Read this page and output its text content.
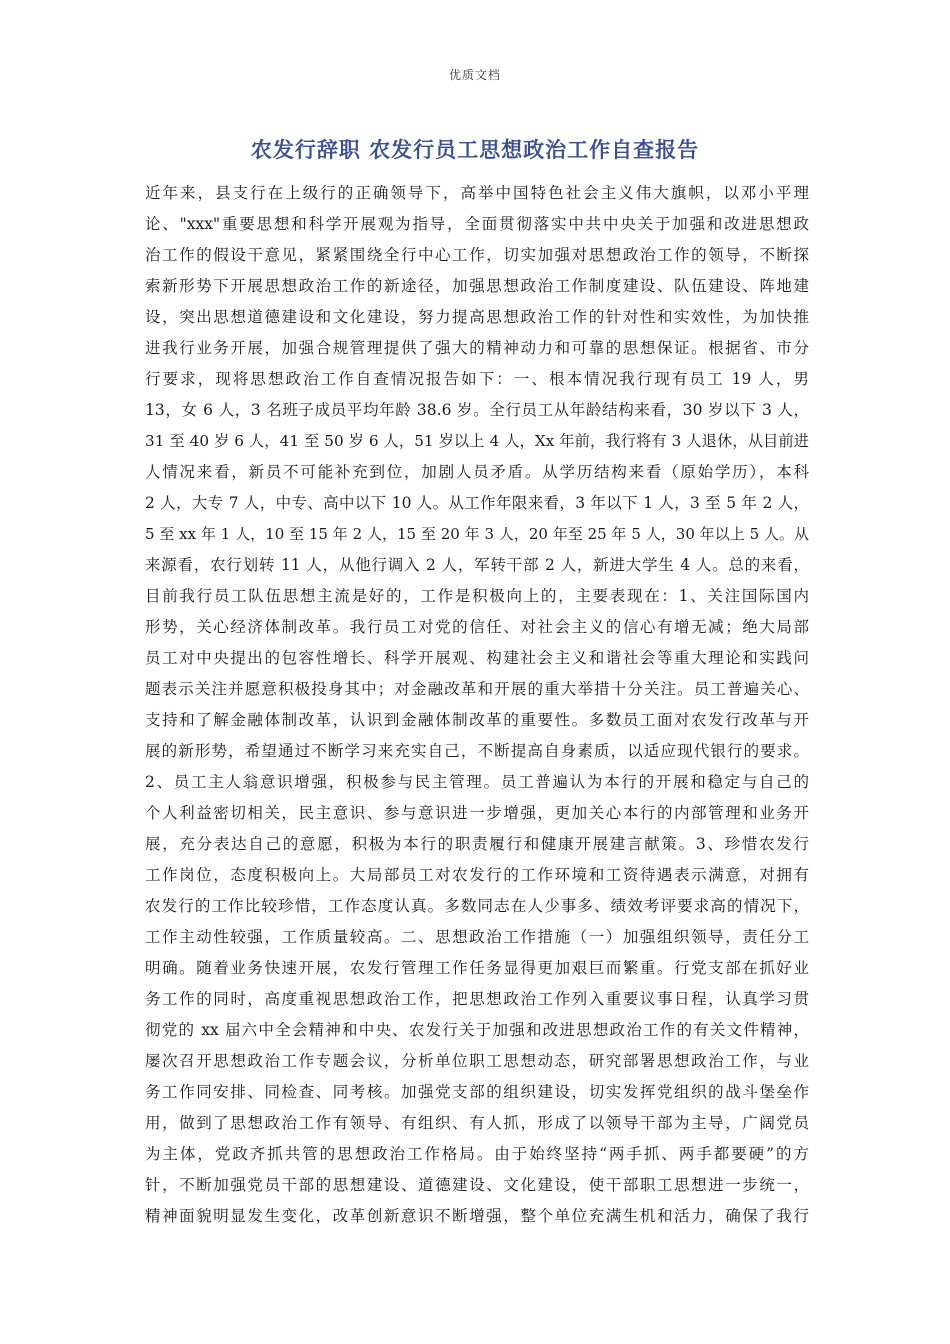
优质文档
农发行辞职 农发行员工思想政治工作自查报告
近年来，县支行在上级行的正确领导下，高举中国特色社会主义伟大旗帜，以邓小平理
论、"xxx"重要思想和科学开展观为指导，全面贯彻落实中共中央关于加强和改进思想政
治工作的假设干意见，紧紧围绕全行中心工作，切实加强对思想政治工作的领导，不断探
索新形势下开展思想政治工作的新途径，加强思想政治工作制度建设、队伍建设、阵地建
设，突出思想道德建设和文化建设，努力提高思想政治工作的针对性和实效性，为加快推
进我行业务开展，加强合规管理提供了强大的精神动力和可靠的思想保证。根据省、市分
行要求，现将思想政治工作自查情况报告如下：一、根本情况我行现有员工 19 人，男
13，女 6 人，3 名班子成员平均年龄 38.6 岁。全行员工从年龄结构来看，30 岁以下 3 人，
31 至 40 岁 6 人，41 至 50 岁 6 人，51 岁以上 4 人，Xx 年前，我行将有 3 人退休，从目前进
人情况来看，新员不可能补充到位，加剧人员矛盾。从学历结构来看（原始学历），本科
2 人，大专 7 人，中专、高中以下 10 人。从工作年限来看，3 年以下 1 人，3 至 5 年 2 人，
5 至 xx 年 1 人，10 至 15 年 2 人，15 至 20 年 3 人，20 年至 25 年 5 人，30 年以上 5 人。从
来源看，农行划转 11 人，从他行调入 2 人，军转干部 2 人，新进大学生 4 人。总的来看，
目前我行员工队伍思想主流是好的，工作是积极向上的，主要表现在：1、关注国际国内
形势，关心经济体制改革。我行员工对党的信任、对社会主义的信心有增无减；绝大局部
员工对中央提出的包容性增长、科学开展观、构建社会主义和谐社会等重大理论和实践问
题表示关注并愿意积极投身其中；对金融改革和开展的重大举措十分关注。员工普遍关心、
支持和了解金融体制改革，认识到金融体制改革的重要性。多数员工面对农发行改革与开
展的新形势，希望通过不断学习来充实自己，不断提高自身素质，以适应现代银行的要求。
2、员工主人翁意识增强，积极参与民主管理。员工普遍认为本行的开展和稳定与自己的
个人利益密切相关，民主意识、参与意识进一步增强，更加关心本行的内部管理和业务开
展，充分表达自己的意愿，积极为本行的职责履行和健康开展建言献策。3、珍惜农发行
工作岗位，态度积极向上。大局部员工对农发行的工作环境和工资待遇表示满意，对拥有
农发行的工作比较珍惜，工作态度认真。多数同志在人少事多、绩效考评要求高的情况下，
工作主动性较强，工作质量较高。二、思想政治工作措施（一）加强组织领导，责任分工
明确。随着业务快速开展，农发行管理工作任务显得更加艰巨而繁重。行党支部在抓好业
务工作的同时，高度重视思想政治工作，把思想政治工作列入重要议事日程，认真学习贯
彻党的 xx 届六中全会精神和中央、农发行关于加强和改进思想政治工作的有关文件精神，
屡次召开思想政治工作专题会议，分析单位职工思想动态，研究部署思想政治工作，与业
务工作同安排、同检查、同考核。加强党支部的组织建设，切实发挥党组织的战斗堡垒作
用，做到了思想政治工作有领导、有组织、有人抓，形成了以领导干部为主导，广阔党员
为主体，党政齐抓共管的思想政治工作格局。由于始终坚持“两手抓、两手都要硬”的方
针，不断加强党员干部的思想建设、道德建设、文化建设，使干部职工思想进一步统一，
精神面貌明显发生变化，改革创新意识不断增强，整个单位充满生机和活力，确保了我行
